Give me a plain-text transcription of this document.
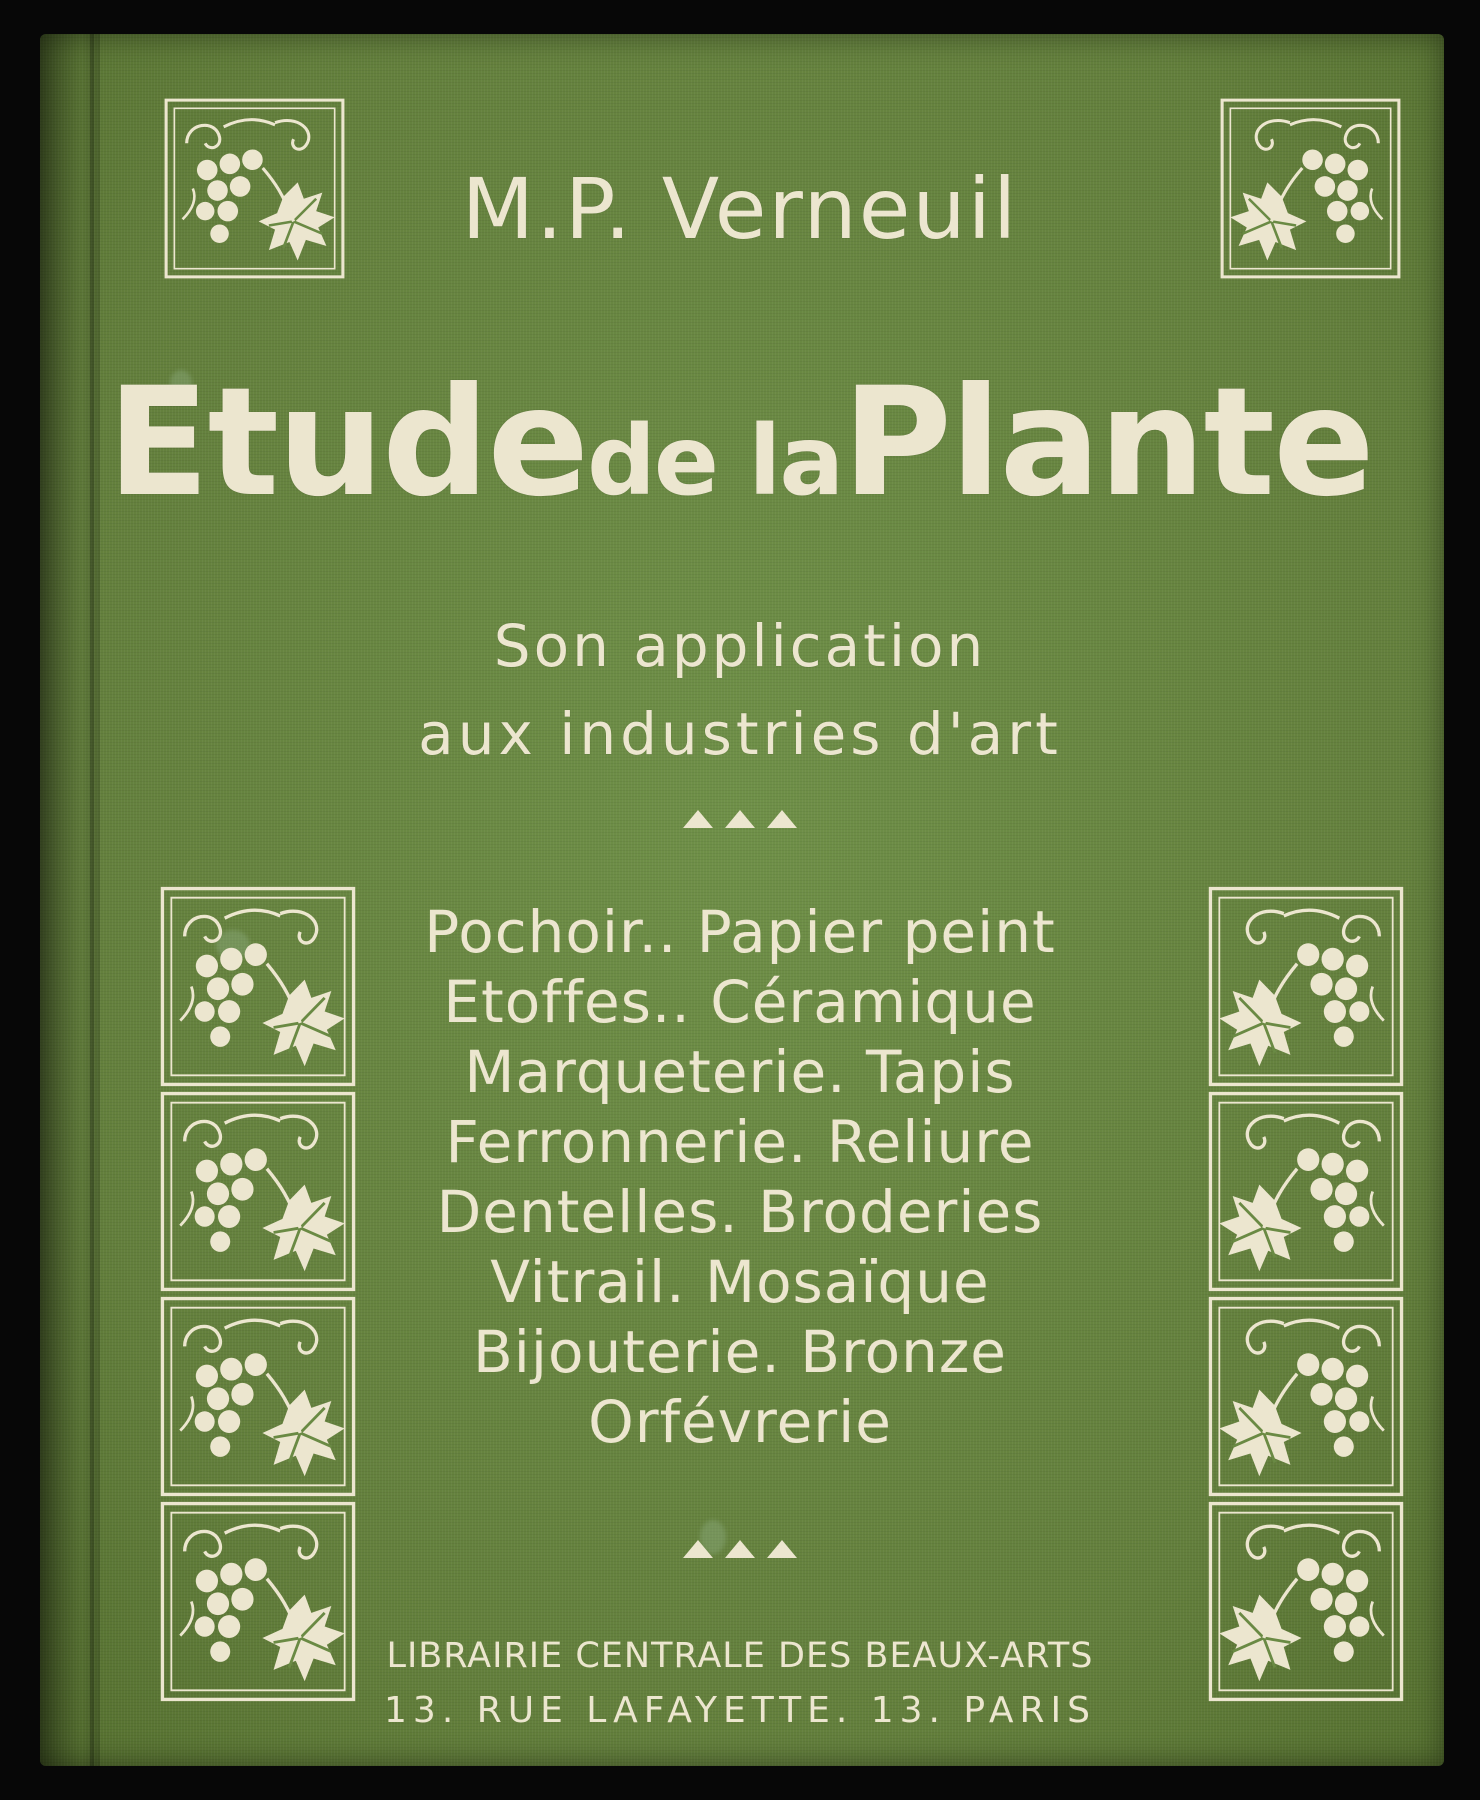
M.P. Verneuil
Etudede laPlante
Son application
aux industries d'art
Pochoir.. Papier peint
Etoffes.. Céramique
Marqueterie. Tapis
Ferronnerie. Reliure
Dentelles. Broderies
Vitrail. Mosaïque
Bijouterie. Bronze
Orfévrerie
LIBRAIRIE CENTRALE DES BEAUX-ARTS
13. RUE LAFAYETTE. 13. PARIS
